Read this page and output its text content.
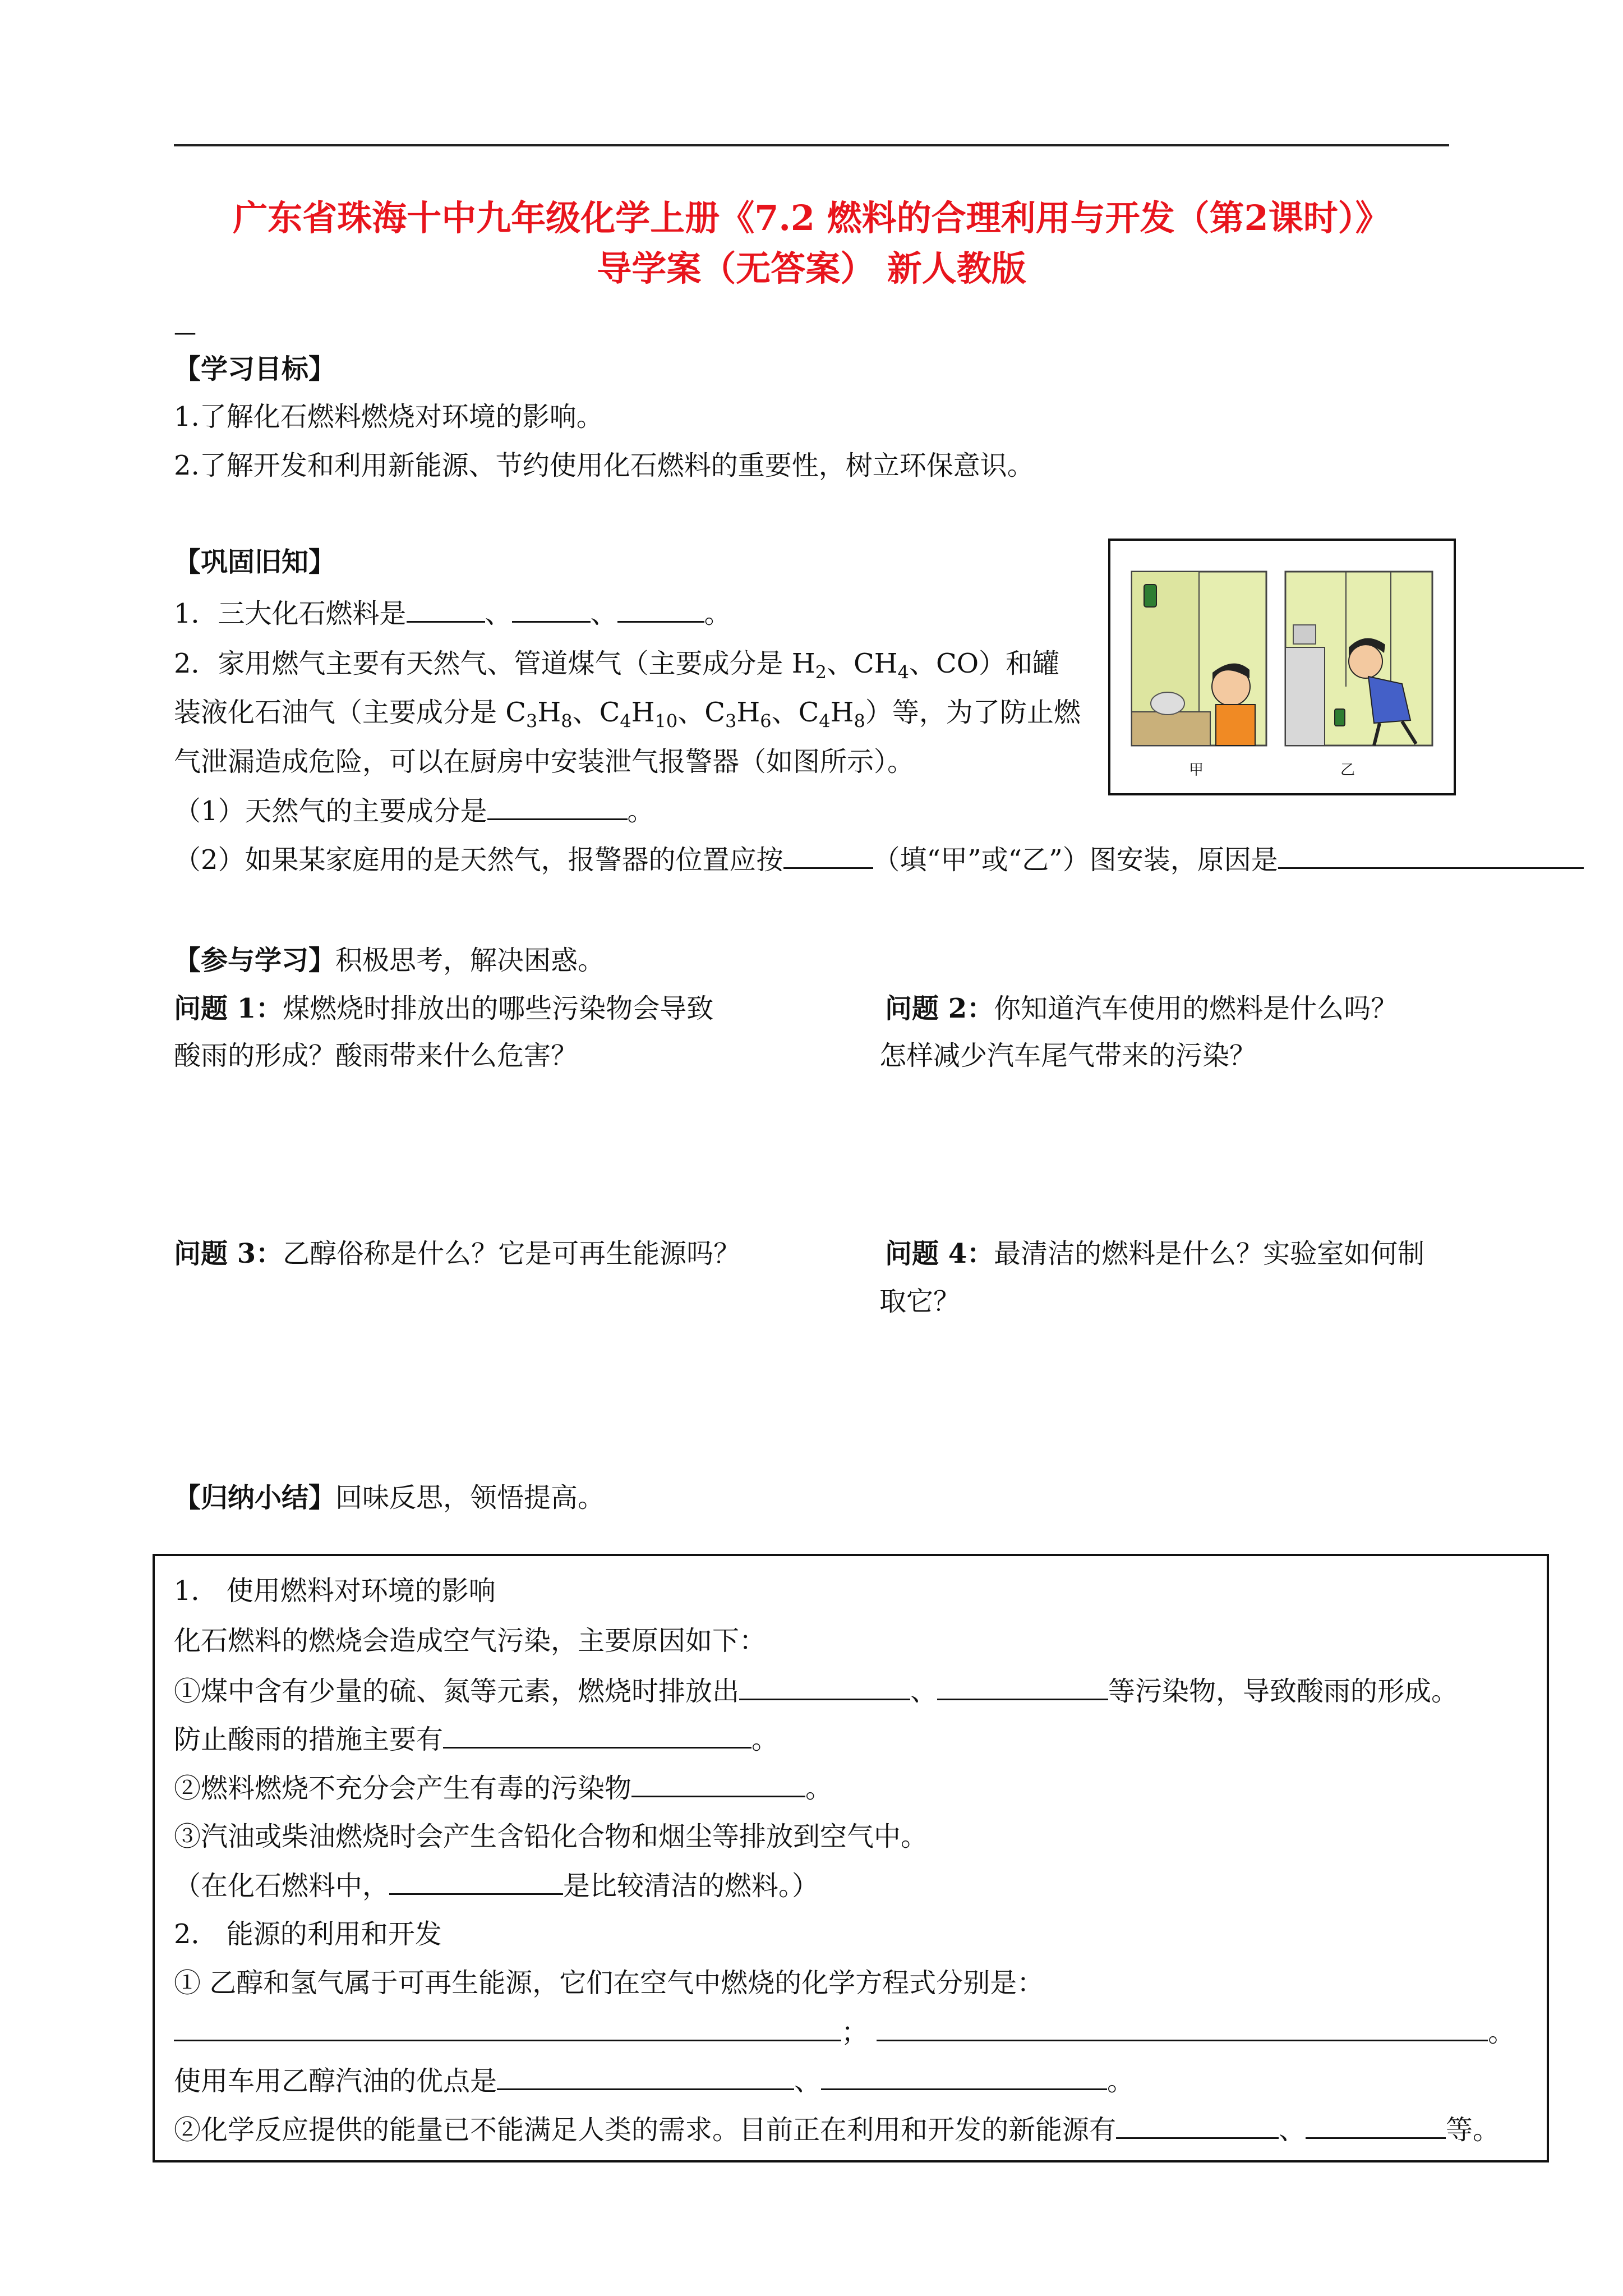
广东省珠海十中九年级化学上册《7.2 燃料的合理利用与开发（第2课时）》
导学案（无答案） 新人教版
—
【学习目标】
1.了解化石燃料燃烧对环境的影响。
2.了解开发和利用新能源、节约使用化石燃料的重要性，树立环保意识。
【巩固旧知】
1．三大化石燃料是	、	、	。
2．家用燃气主要有天然气、管道煤气（主要成分是 $H_2$、$CH_4$、CO）和罐
装液化石油气（主要成分是 $C_3H_8$、$C_4H_{10}$、$C_3H_6$、$C_4H_8$）等，为了防止燃
气泄漏造成危险，可以在厨房中安装泄气报警器（如图所示）。
（1）天然气的主要成分是	。
（2）如果某家庭用的是天然气，报警器的位置应按	（填“甲”或“乙”）图安装，原因是
甲	乙
【参与学习】积极思考，解决困惑。
问题 1：煤燃烧时排放出的哪些污染物会导致
酸雨的形成？酸雨带来什么危害？
问题 2：你知道汽车使用的燃料是什么吗？
怎样减少汽车尾气带来的污染？
问题 3：乙醇俗称是什么？它是可再生能源吗？	问题 4：最清洁的燃料是什么？实验室如何制
取它？
【归纳小结】回味反思，领悟提高。
1． 使用燃料对环境的影响
化石燃料的燃烧会造成空气污染，主要原因如下：
①煤中含有少量的硫、氮等元素，燃烧时排放出	、	等污染物，导致酸雨的形成。
防止酸雨的措施主要有	。
②燃料燃烧不充分会产生有毒的污染物	。
③汽油或柴油燃烧时会产生含铅化合物和烟尘等排放到空气中。
（在化石燃料中，	是比较清洁的燃料。）
2． 能源的利用和开发
① 乙醇和氢气属于可再生能源，它们在空气中燃烧的化学方程式分别是：
；	。
使用车用乙醇汽油的优点是	、	。
②化学反应提供的能量已不能满足人类的需求。目前正在利用和开发的新能源有	、	等。
